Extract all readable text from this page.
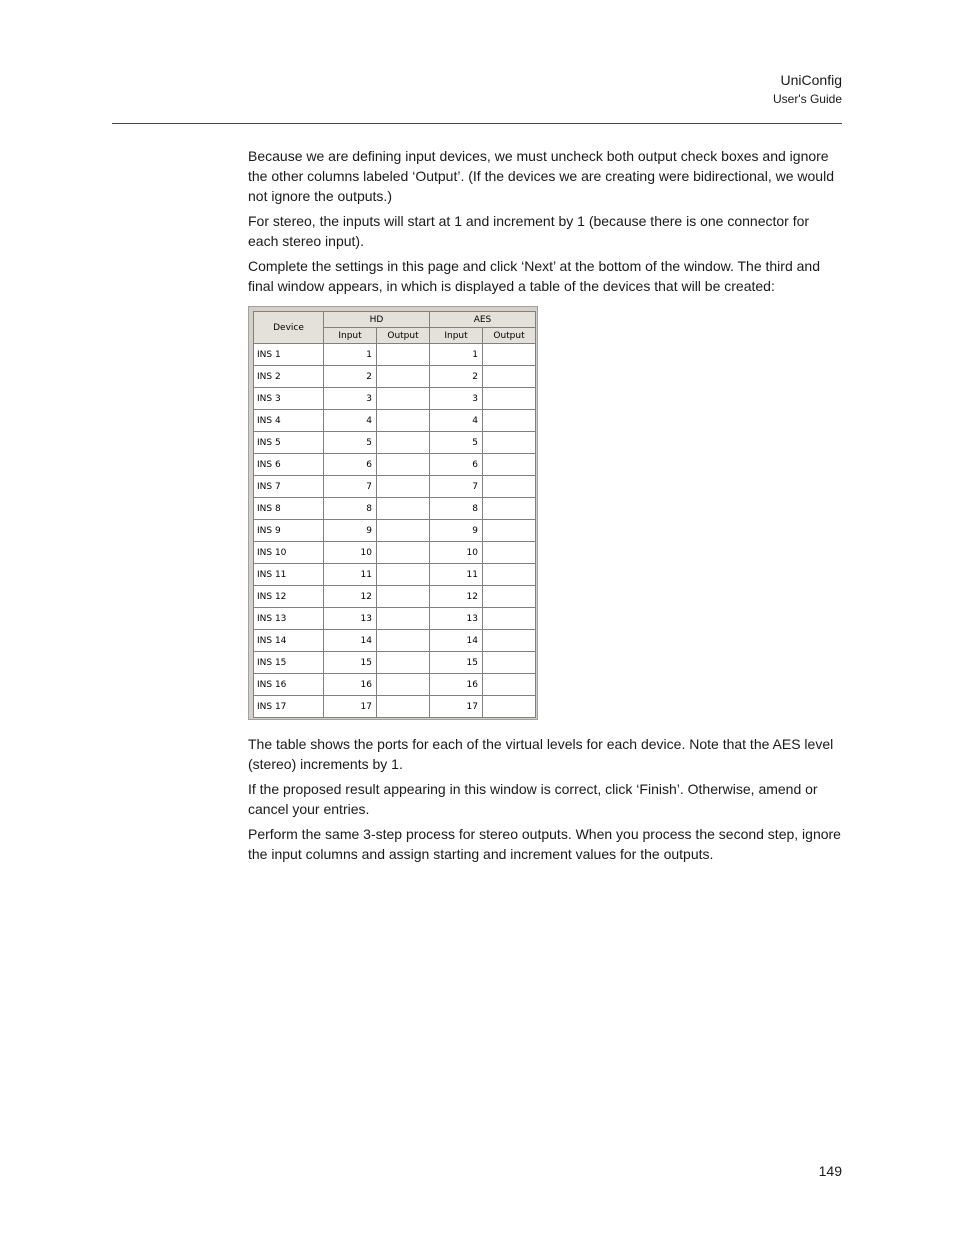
UniConfig
User's Guide

Because we are defining input devices, we must uncheck both output check boxes and ignore the other columns labeled ‘Output’. (If the devices we are creating were bidirectional, we would not ignore the outputs.)

For stereo, the inputs will start at 1 and increment by 1 (because there is one connector for each stereo input).

Complete the settings in this page and click ‘Next’ at the bottom of the window. The third and final window appears, in which is displayed a table of the devices that will be created:

Device	HD		AES	
	Input	Output	Input	Output
INS 1	1		1	
INS 2	2		2	
INS 3	3		3	
INS 4	4		4	
INS 5	5		5	
INS 6	6		6	
INS 7	7		7	
INS 8	8		8	
INS 9	9		9	
INS 10	10		10	
INS 11	11		11	
INS 12	12		12	
INS 13	13		13	
INS 14	14		14	
INS 15	15		15	
INS 16	16		16	
INS 17	17		17	

The table shows the ports for each of the virtual levels for each device. Note that the AES level (stereo) increments by 1.

If the proposed result appearing in this window is correct, click ‘Finish’. Otherwise, amend or cancel your entries.

Perform the same 3-step process for stereo outputs. When you process the second step, ignore the input columns and assign starting and increment values for the outputs.

149
